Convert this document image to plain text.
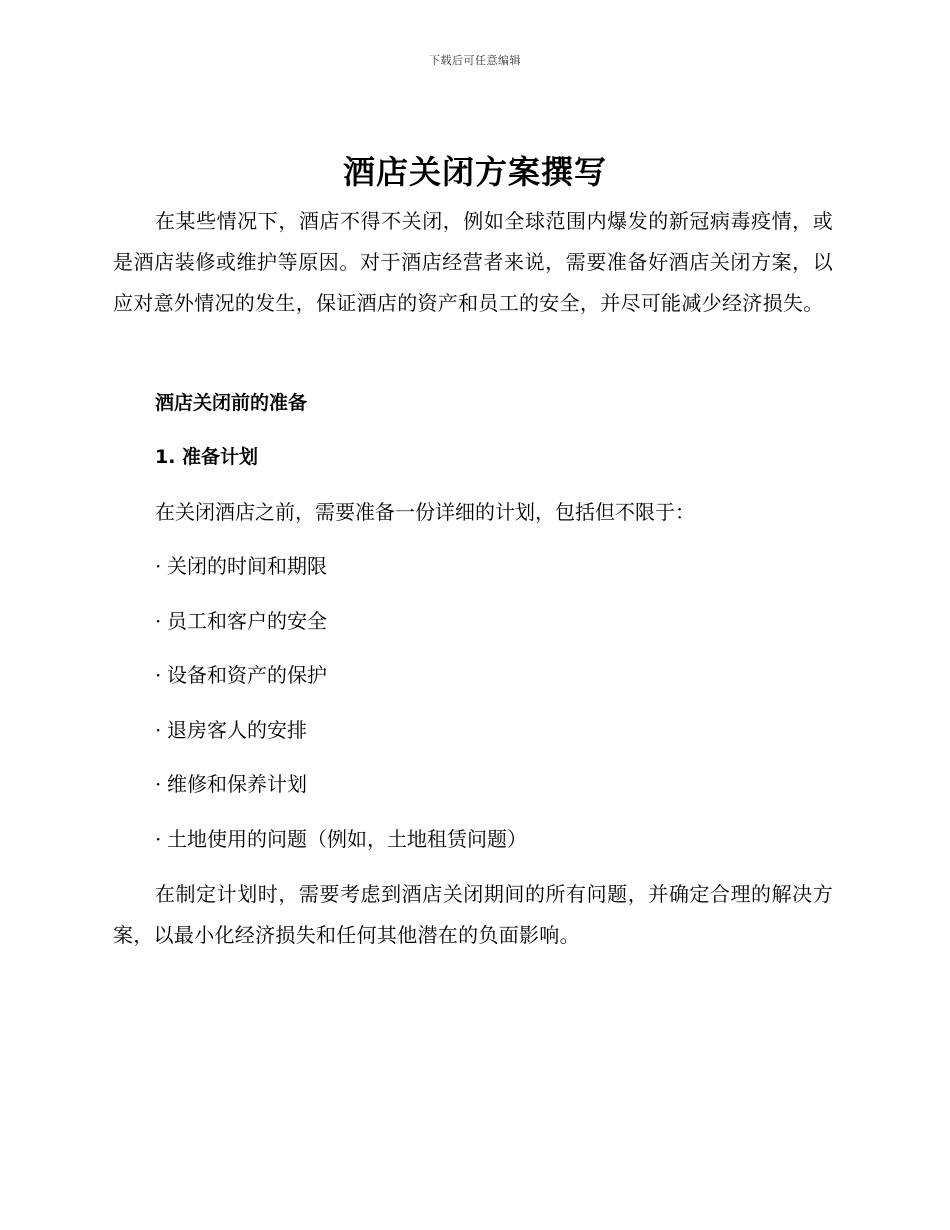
下载后可任意编辑
酒店关闭方案撰写

在某些情况下，酒店不得不关闭，例如全球范围内爆发的新冠病毒疫情，或是酒店装修或维护等原因。对于酒店经营者来说，需要准备好酒店关闭方案，以应对意外情况的发生，保证酒店的资产和员工的安全，并尽可能减少经济损失。

酒店关闭前的准备

1. 准备计划

在关闭酒店之前，需要准备一份详细的计划，包括但不限于：

· 关闭的时间和期限

· 员工和客户的安全

· 设备和资产的保护

· 退房客人的安排

· 维修和保养计划

· 土地使用的问题（例如，土地租赁问题）

在制定计划时，需要考虑到酒店关闭期间的所有问题，并确定合理的解决方案，以最小化经济损失和任何其他潜在的负面影响。
